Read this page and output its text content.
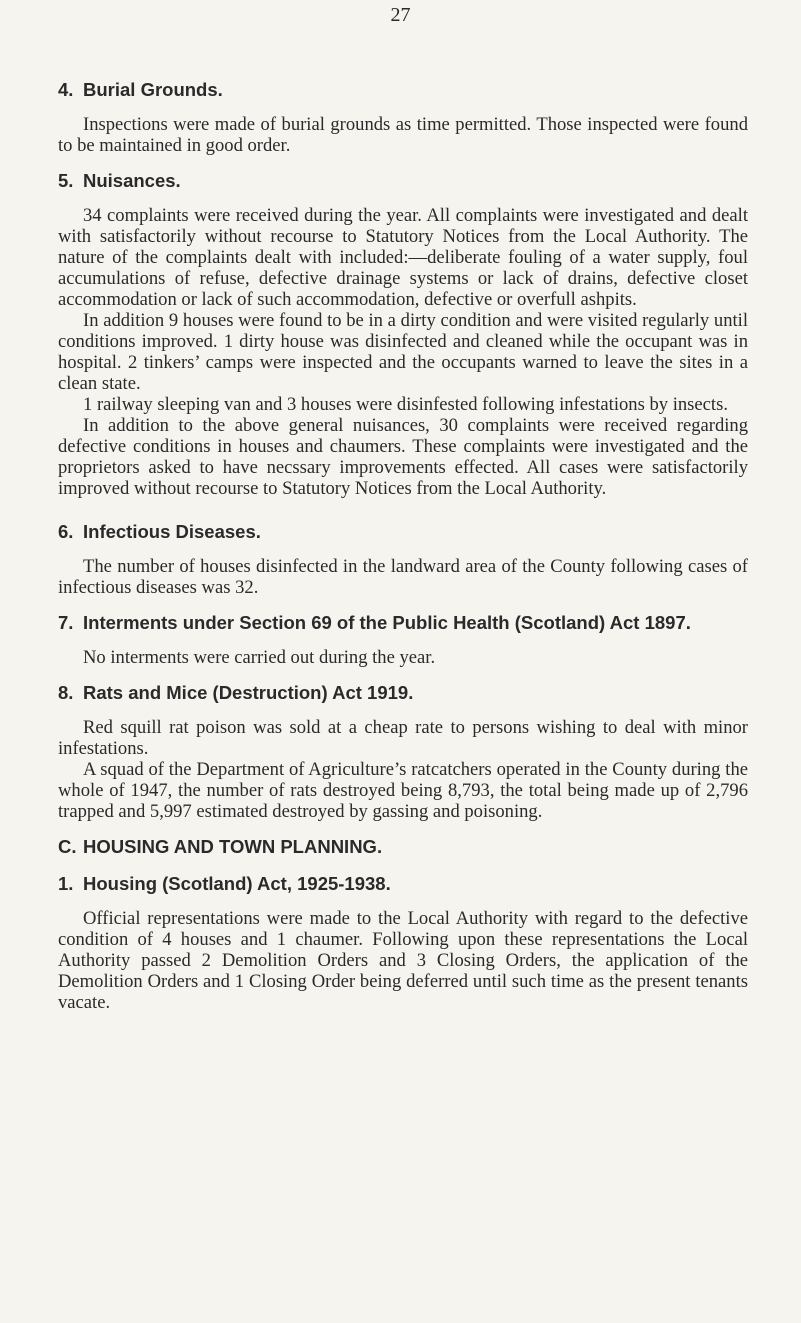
27
4. Burial Grounds.

Inspections were made of burial grounds as time permitted. Those inspected were found to be maintained in good order.

5. Nuisances.

34 complaints were received during the year. All complaints were investigated and dealt with satisfactorily without recourse to Statutory Notices from the Local Authority. The nature of the complaints dealt with included:—deliberate fouling of a water supply, foul accumulations of refuse, defective drainage systems or lack of drains, defective closet accommodation or lack of such accommodation, defective or overfull ashpits.

In addition 9 houses were found to be in a dirty condition and were visited regularly until conditions improved. 1 dirty house was disinfected and cleaned while the occupant was in hospital. 2 tinkers’ camps were inspected and the occupants warned to leave the sites in a clean state.

1 railway sleeping van and 3 houses were disinfested following infestations by insects.

In addition to the above general nuisances, 30 complaints were received regarding defective conditions in houses and chaumers. These complaints were investigated and the proprietors asked to have necssary improvements effected. All cases were satisfactorily improved without recourse to Statutory Notices from the Local Authority.

6. Infectious Diseases.

The number of houses disinfected in the landward area of the County following cases of infectious diseases was 32.

7. Interments under Section 69 of the Public Health (Scotland) Act 1897.

No interments were carried out during the year.

8. Rats and Mice (Destruction) Act 1919.

Red squill rat poison was sold at a cheap rate to persons wishing to deal with minor infestations.

A squad of the Department of Agriculture’s ratcatchers operated in the County during the whole of 1947, the number of rats destroyed being 8,793, the total being made up of 2,796 trapped and 5,997 estimated destroyed by gassing and poisoning.

C. HOUSING AND TOWN PLANNING.
1. Housing (Scotland) Act, 1925-1938.

Official representations were made to the Local Authority with regard to the defective condition of 4 houses and 1 chaumer. Following upon these representations the Local Authority passed 2 Demolition Orders and 3 Closing Orders, the application of the Demolition Orders and 1 Closing Order being deferred until such time as the present tenants vacate.
